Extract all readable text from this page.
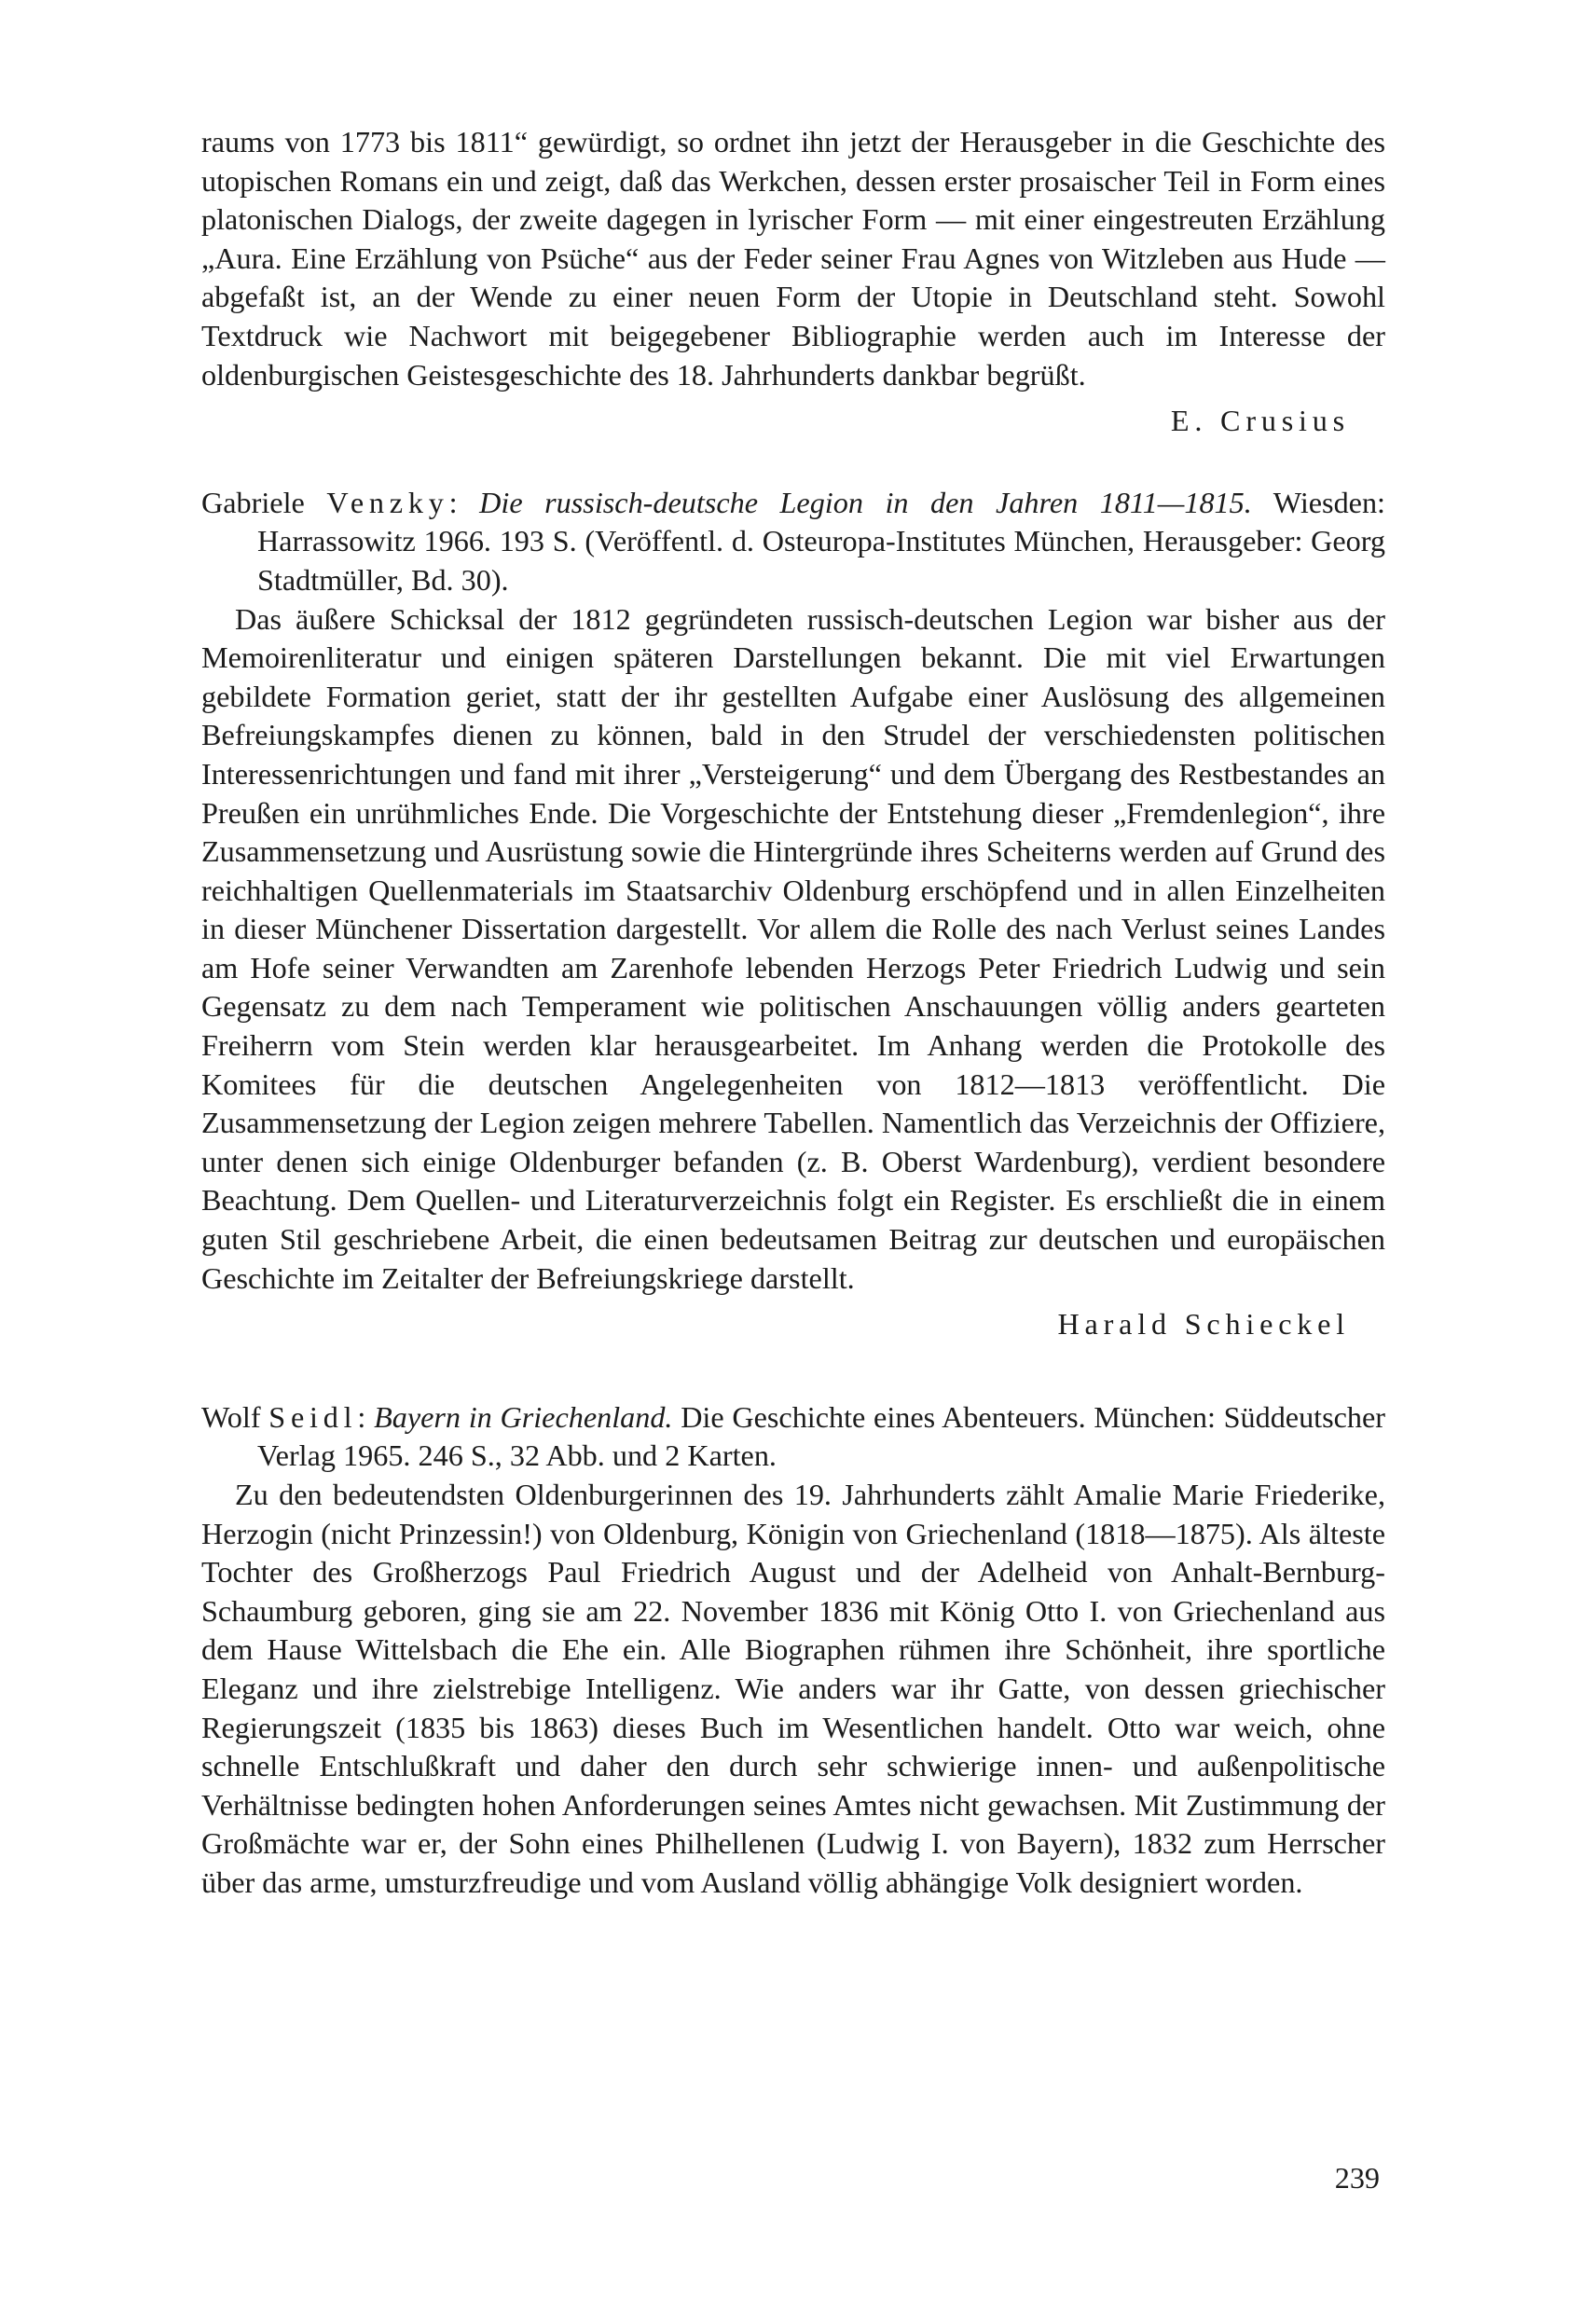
raums von 1773 bis 1811“ gewürdigt, so ordnet ihn jetzt der Herausgeber in die Geschichte des utopischen Romans ein und zeigt, daß das Werkchen, dessen erster prosaischer Teil in Form eines platonischen Dialogs, der zweite dagegen in lyrischer Form — mit einer eingestreuten Erzählung „Aura. Eine Erzählung von Psüche“ aus der Feder seiner Frau Agnes von Witzleben aus Hude — abgefaßt ist, an der Wende zu einer neuen Form der Utopie in Deutschland steht. Sowohl Textdruck wie Nachwort mit beigegebener Bibliographie werden auch im Interesse der oldenburgischen Geistesgeschichte des 18. Jahrhunderts dankbar begrüßt.

E. Crusius

Gabriele Venzky: Die russisch-deutsche Legion in den Jahren 1811—1815. Wiesden: Harrassowitz 1966. 193 S. (Veröffentl. d. Osteuropa-Institutes München, Herausgeber: Georg Stadtmüller, Bd. 30).

Das äußere Schicksal der 1812 gegründeten russisch-deutschen Legion war bisher aus der Memoirenliteratur und einigen späteren Darstellungen bekannt. Die mit viel Erwartungen gebildete Formation geriet, statt der ihr gestellten Aufgabe einer Auslösung des allgemeinen Befreiungskampfes dienen zu können, bald in den Strudel der verschiedensten politischen Interessenrichtungen und fand mit ihrer „Versteigerung“ und dem Übergang des Restbestandes an Preußen ein unrühmliches Ende. Die Vorgeschichte der Entstehung dieser „Fremdenlegion“, ihre Zusammensetzung und Ausrüstung sowie die Hintergründe ihres Scheiterns werden auf Grund des reichhaltigen Quellenmaterials im Staatsarchiv Oldenburg erschöpfend und in allen Einzelheiten in dieser Münchener Dissertation dargestellt. Vor allem die Rolle des nach Verlust seines Landes am Hofe seiner Verwandten am Zarenhofe lebenden Herzogs Peter Friedrich Ludwig und sein Gegensatz zu dem nach Temperament wie politischen Anschauungen völlig anders gearteten Freiherrn vom Stein werden klar herausgearbeitet. Im Anhang werden die Protokolle des Komitees für die deutschen Angelegenheiten von 1812—1813 veröffentlicht. Die Zusammensetzung der Legion zeigen mehrere Tabellen. Namentlich das Verzeichnis der Offiziere, unter denen sich einige Oldenburger befanden (z. B. Oberst Wardenburg), verdient besondere Beachtung. Dem Quellen- und Literaturverzeichnis folgt ein Register. Es erschließt die in einem guten Stil geschriebene Arbeit, die einen bedeutsamen Beitrag zur deutschen und europäischen Geschichte im Zeitalter der Befreiungskriege darstellt.

Harald Schieckel

Wolf Seidl: Bayern in Griechenland. Die Geschichte eines Abenteuers. München: Süddeutscher Verlag 1965. 246 S., 32 Abb. und 2 Karten.

Zu den bedeutendsten Oldenburgerinnen des 19. Jahrhunderts zählt Amalie Marie Friederike, Herzogin (nicht Prinzessin!) von Oldenburg, Königin von Griechenland (1818—1875). Als älteste Tochter des Großherzogs Paul Friedrich August und der Adelheid von Anhalt-Bernburg-Schaumburg geboren, ging sie am 22. November 1836 mit König Otto I. von Griechenland aus dem Hause Wittelsbach die Ehe ein. Alle Biographen rühmen ihre Schönheit, ihre sportliche Eleganz und ihre zielstrebige Intelligenz. Wie anders war ihr Gatte, von dessen griechischer Regierungszeit (1835 bis 1863) dieses Buch im Wesentlichen handelt. Otto war weich, ohne schnelle Entschlußkraft und daher den durch sehr schwierige innen- und außenpolitische Verhältnisse bedingten hohen Anforderungen seines Amtes nicht gewachsen. Mit Zustimmung der Großmächte war er, der Sohn eines Philhellenen (Ludwig I. von Bayern), 1832 zum Herrscher über das arme, umsturzfreudige und vom Ausland völlig abhängige Volk designiert worden.

239
